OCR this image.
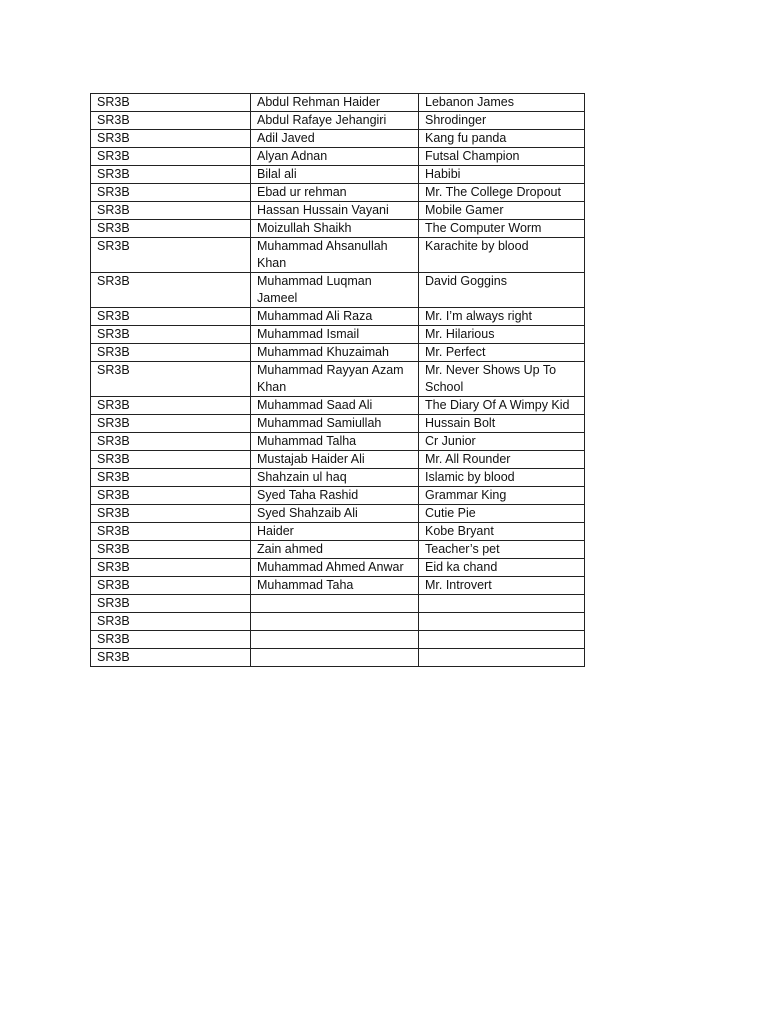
SR3B	Abdul Rehman Haider	Lebanon James
SR3B	Abdul Rafaye Jehangiri	Shrodinger
SR3B	Adil Javed	Kang fu panda
SR3B	Alyan Adnan	Futsal Champion
SR3B	Bilal ali	Habibi
SR3B	Ebad ur rehman	Mr. The College Dropout
SR3B	Hassan Hussain Vayani	Mobile Gamer
SR3B	Moizullah Shaikh	The Computer Worm
SR3B	Muhammad Ahsanullah Khan	Karachite by blood
SR3B	Muhammad Luqman Jameel	David Goggins
SR3B	Muhammad Ali Raza	Mr. I’m always right
SR3B	Muhammad Ismail	Mr. Hilarious
SR3B	Muhammad Khuzaimah	Mr. Perfect
SR3B	Muhammad Rayyan Azam Khan	Mr. Never Shows Up To School
SR3B	Muhammad Saad Ali	The Diary Of A Wimpy Kid
SR3B	Muhammad Samiullah	Hussain Bolt
SR3B	Muhammad Talha	Cr Junior
SR3B	Mustajab Haider Ali	Mr. All Rounder
SR3B	Shahzain ul haq	Islamic by blood
SR3B	Syed Taha Rashid	Grammar King
SR3B	Syed Shahzaib Ali	Cutie Pie
SR3B	Haider	Kobe Bryant
SR3B	Zain ahmed	Teacher’s pet
SR3B	Muhammad Ahmed Anwar	Eid ka chand
SR3B	Muhammad Taha	Mr. Introvert
SR3B		
SR3B		
SR3B		
SR3B		
